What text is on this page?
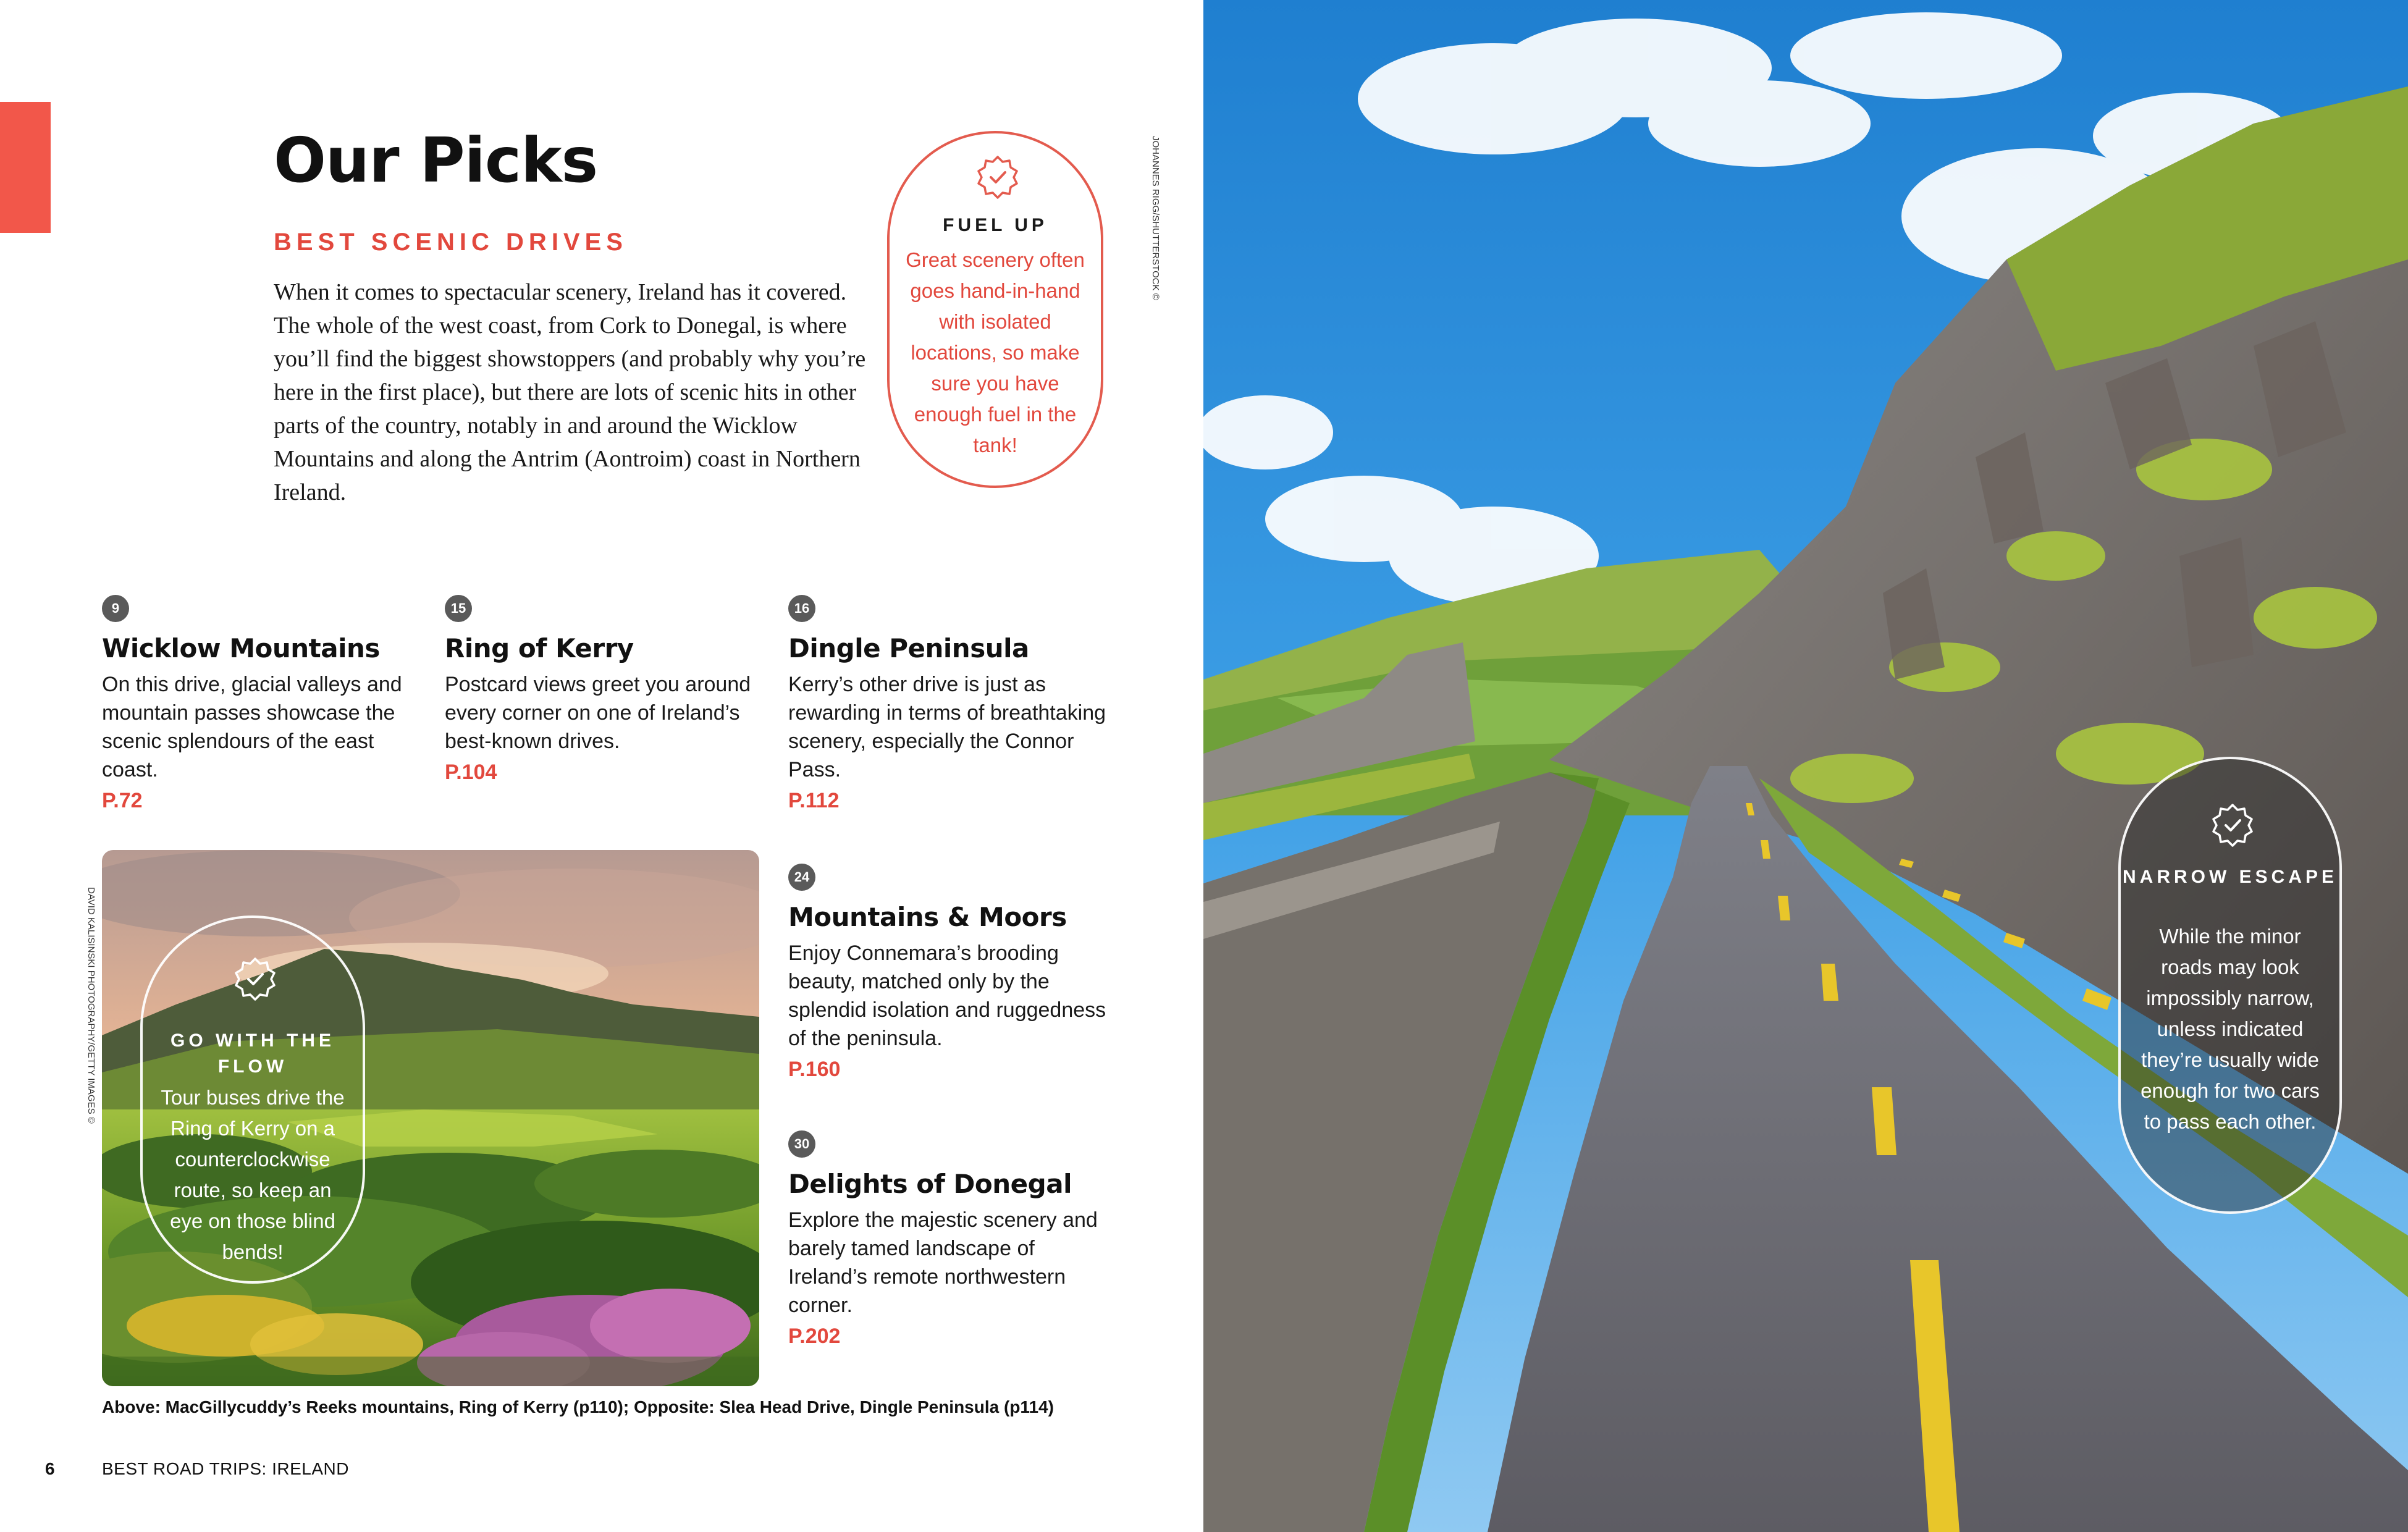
Our Picks
BEST SCENIC DRIVES

When it comes to spectacular scenery, Ireland has it covered. The whole of the west coast, from Cork to Donegal, is where you’ll find the biggest showstoppers (and probably why you’re here in the first place), but there are lots of scenic hits in other parts of the country, notably in and around the Wicklow Mountains and along the Antrim (Aontroim) coast in Northern Ireland.

FUEL UP
Great scenery often goes hand-in-hand with isolated locations, so make sure you have enough fuel in the tank!
JOHANNES RIGG/SHUTTERSTOCK ©
9
Wicklow Mountains
On this drive, glacial valleys and mountain passes showcase the scenic splendours of the east coast.
P.72
15
Ring of Kerry
Postcard views greet you around every corner on one of Ireland’s best-known drives.
P.104
16
Dingle Peninsula
Kerry’s other drive is just as rewarding in terms of breathtaking scenery, especially the Connor Pass.
P.112
24
Mountains & Moors
Enjoy Connemara’s brooding beauty, matched only by the splendid isolation and ruggedness of the peninsula.
P.160
30
Delights of Donegal
Explore the majestic scenery and barely tamed landscape of Ireland’s remote northwestern corner.
P.202
DAVID KALISINSKI PHOTOGRAPHY/GETTY IMAGES ©	GO WITH THE FLOW
Tour buses drive the Ring of Kerry on a counterclockwise route, so keep an eye on those blind bends!
Above: MacGillycuddy’s Reeks mountains, Ring of Kerry (p110); Opposite: Slea Head Drive, Dingle Peninsula (p114)
6	BEST ROAD TRIPS: IRELAND
NARROW ESCAPE
While the minor roads may look impossibly narrow, unless indicated they’re usually wide enough for two cars to pass each other.
